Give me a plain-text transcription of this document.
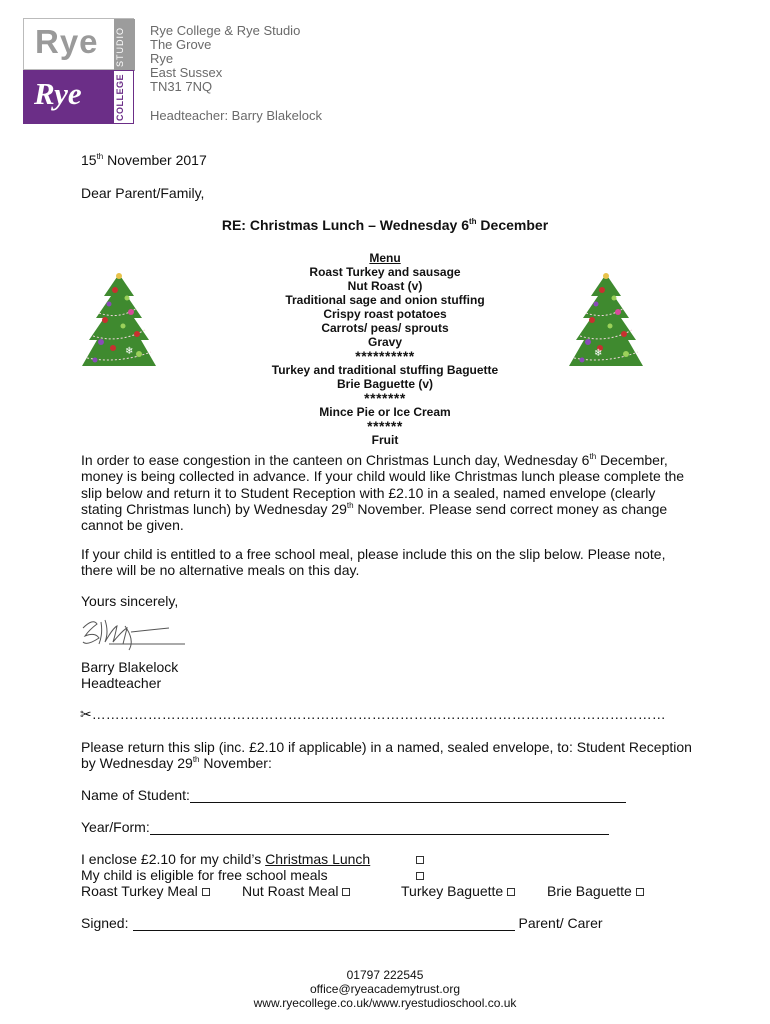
Rye STUDIO
Rye	COLLEGE
Rye College & Rye Studio
The Grove
Rye
East Sussex
TN31 7NQ
Headteacher: Barry Blakelock
15th November 2017
Dear Parent/Family,
RE: Christmas Lunch – Wednesday 6th December
❄	❄
Menu
Roast Turkey and sausage
Nut Roast (v)
Traditional sage and onion stuffing
Crispy roast potatoes
Carrots/ peas/ sprouts
Gravy
**********
Turkey and traditional stuffing Baguette
Brie Baguette (v)
*******
Mince Pie or Ice Cream
******
Fruit
In order to ease congestion in the canteen on Christmas Lunch day, Wednesday 6th December, money is being collected in advance. If your child would like Christmas lunch please complete the slip below and return it to Student Reception with £2.10 in a sealed, named envelope (clearly stating Christmas lunch) by Wednesday 29th November. Please send correct money as change cannot be given.
If your child is entitled to a free school meal, please include this on the slip below. Please note, there will be no alternative meals on this day.
Yours sincerely,
Barry Blakelock
Headteacher
✂……………………………………………………………………………………………………………
Please return this slip (inc. £2.10 if applicable) in a named, sealed envelope, to: Student Reception by Wednesday 29th November:
Name of Student:
Year/Form:
I enclose £2.10 for my child’s Christmas Lunch
My child is eligible for free school meals
Roast Turkey Meal	Nut Roast Meal	Turkey Baguette	Brie Baguette
Signed:	Parent/ Carer
01797 222545
office@ryeacademytrust.org
www.ryecollege.co.uk/www.ryestudioschool.co.uk
